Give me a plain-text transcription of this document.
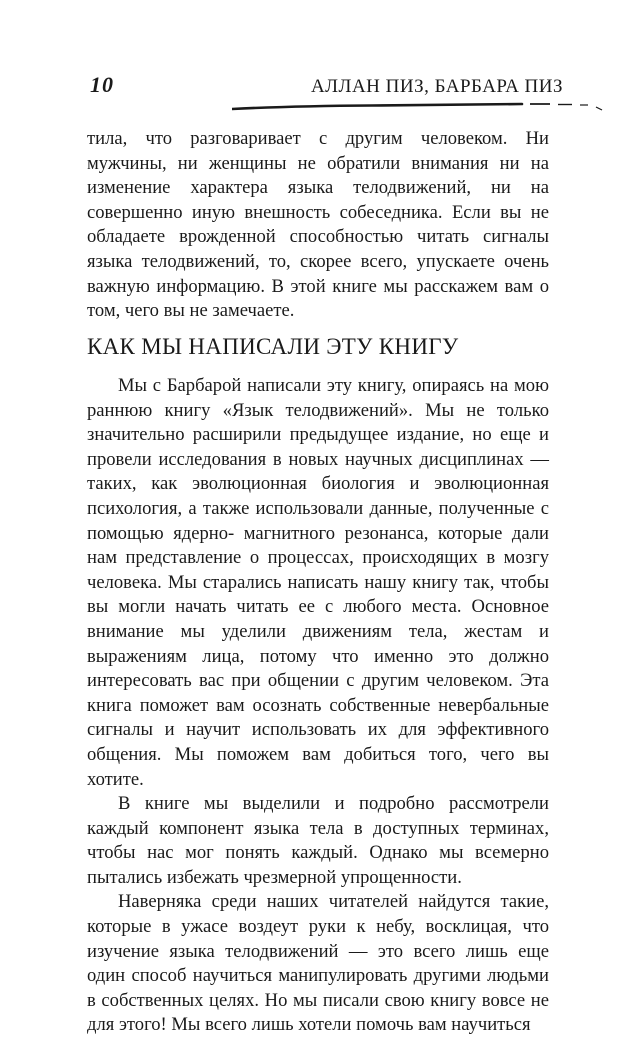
10	АЛЛАН ПИЗ, БАРБАРА ПИЗ

тила, что разговаривает с другим человеком. Ни мужчины, ни женщины не обратили внимания ни на изменение характера языка телодвижений, ни на совершенно иную внешность собеседника. Если вы не обладаете врожденной способностью читать сигналы языка телодвижений, то, скорее всего, упускаете очень важную информацию. В этой книге мы расскажем вам о том, чего вы не замечаете.

КАК МЫ НАПИСАЛИ ЭТУ КНИГУ

Мы с Барбарой написали эту книгу, опираясь на мою раннюю книгу «Язык телодвижений». Мы не только значительно расширили предыдущее издание, но еще и провели исследования в новых научных дисциплинах — таких, как эволюционная биология и эволюционная психология, а также использовали данные, полученные с помощью ядерно- магнитного резонанса, которые дали нам представление о процессах, происходящих в мозгу человека. Мы старались написать нашу книгу так, чтобы вы могли начать читать ее с любого места. Основное внимание мы уделили движениям тела, жестам и выражениям лица, потому что именно это должно интересовать вас при общении с другим человеком. Эта книга поможет вам осознать собственные невербальные сигналы и научит использовать их для эффективного общения. Мы поможем вам добиться того, чего вы хотите.

В книге мы выделили и подробно рассмотрели каждый компонент языка тела в доступных терминах, чтобы нас мог понять каждый. Однако мы всемерно пытались избежать чрезмерной упрощенности.

Наверняка среди наших читателей найдутся такие, которые в ужасе воздеут руки к небу, восклицая, что изучение языка телодвижений — это всего лишь еще один способ научиться манипулировать другими людьми в собственных целях. Но мы писали свою книгу вовсе не для этого! Мы всего лишь хотели помочь вам научиться
